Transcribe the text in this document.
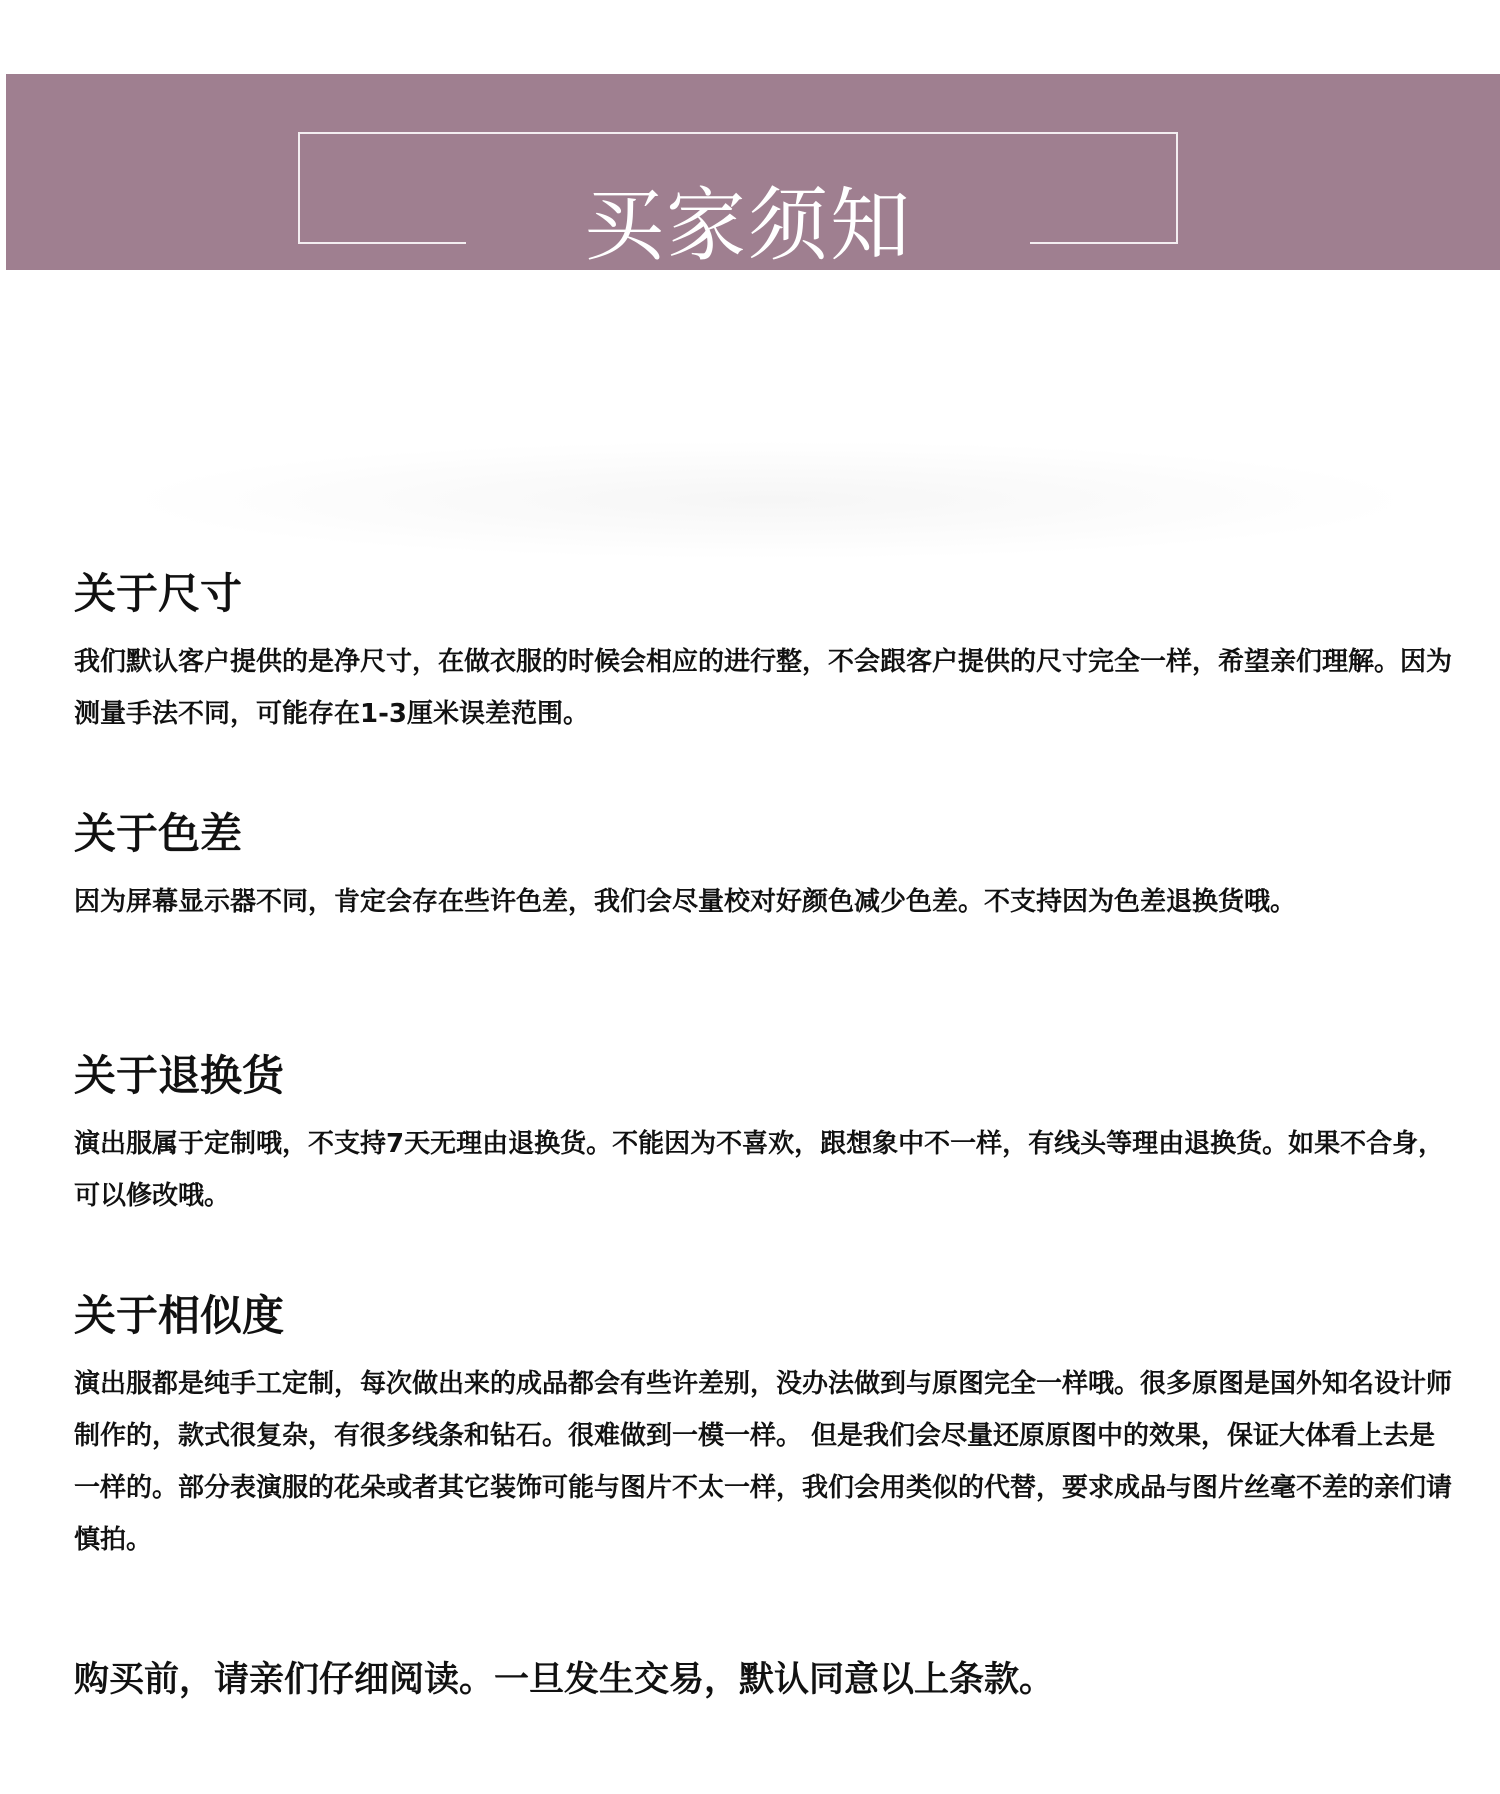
买家须知
关于尺寸

我们默认客户提供的是净尺寸，在做衣服的时候会相应的进行整，不会跟客户提供的尺寸完全一样，希望亲们理解。因为测量手法不同，可能存在1-3厘米误差范围。

关于色差

因为屏幕显示器不同，肯定会存在些许色差，我们会尽量校对好颜色减少色差。不支持因为色差退换货哦。

关于退换货

演出服属于定制哦，不支持7天无理由退换货。不能因为不喜欢，跟想象中不一样，有线头等理由退换货。如果不合身，可以修改哦。

关于相似度

演出服都是纯手工定制，每次做出来的成品都会有些许差别，没办法做到与原图完全一样哦。很多原图是国外知名设计师制作的，款式很复杂，有很多线条和钻石。很难做到一模一样。 但是我们会尽量还原原图中的效果，保证大体看上去是一样的。部分表演服的花朵或者其它装饰可能与图片不太一样，我们会用类似的代替，要求成品与图片丝毫不差的亲们请慎拍。

购买前，请亲们仔细阅读。一旦发生交易，默认同意以上条款。
